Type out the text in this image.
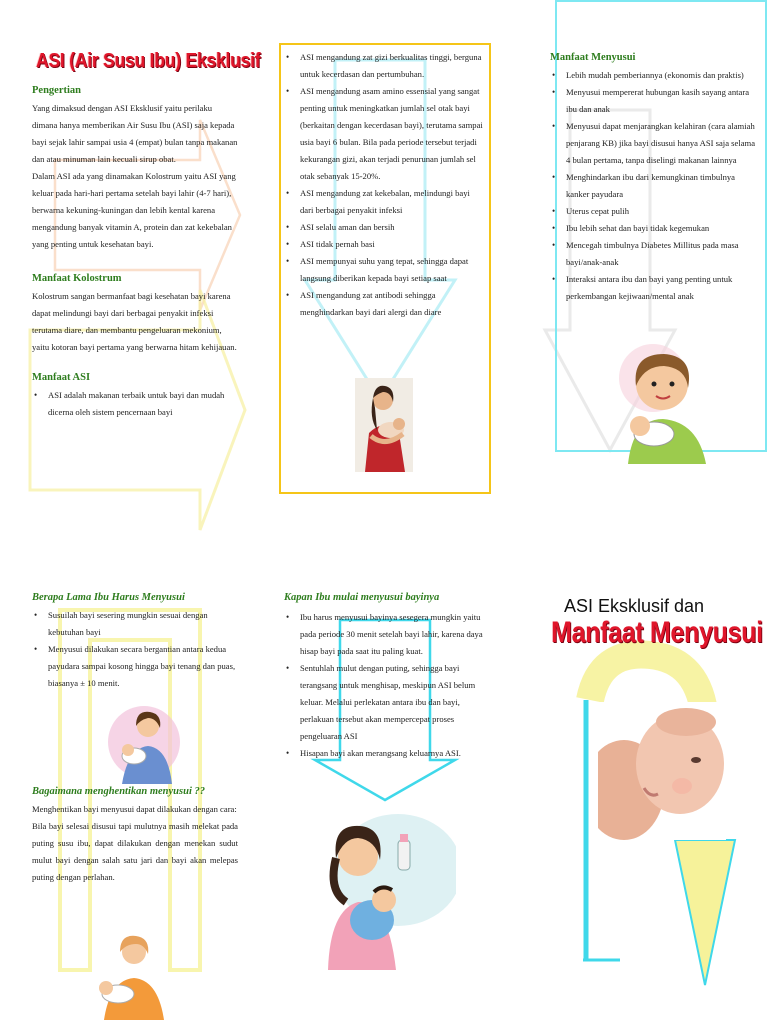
ASI (Air Susu Ibu) Eksklusif
Pengertian

Yang dimaksud dengan ASI Eksklusif yaitu perilaku dimana hanya memberikan Air Susu Ibu (ASI) saja kepada bayi sejak lahir sampai usia 4 (empat) bulan tanpa makanan dan atau minuman lain kecuali sirup obat.

Dalam ASI ada yang dinamakan Kolostrum yaitu ASI yang keluar pada hari-hari pertama setelah bayi lahir (4-7 hari), berwarna kekuning-kuningan dan lebih kental karena mengandung banyak vitamin A, protein dan zat kekebalan yang penting untuk kesehatan bayi.

Manfaat Kolostrum

Kolostrum sangan bermanfaat bagi kesehatan bayi karena dapat melindungi bayi dari berbagai penyakit infeksi terutama diare, dan membantu pengeluaran mekonium, yaitu kotoran bayi pertama yang berwarna hitam kehijauan.

Manfaat ASI
• ASI adalah makanan terbaik untuk bayi dan mudah dicerna oleh sistem pencernaan bayi
• ASI mengandung zat gizi berkualitas tinggi, berguna untuk kecerdasan dan pertumbuhan.
• ASI mengandung asam amino essensial yang sangat penting untuk meningkatkan jumlah sel otak bayi (berkaitan dengan kecerdasan bayi), terutama sampai usia bayi 6 bulan. Bila pada periode tersebut terjadi kekurangan gizi, akan terjadi penurunan jumlah sel otak sebanyak 15-20%.
• ASI mengandung zat kekebalan, melindungi bayi dari berbagai penyakit infeksi
• ASI selalu aman dan bersih
• ASI tidak pernah basi
• ASI mempunyai suhu yang tepat, sehingga dapat langsung diberikan kepada bayi setiap saat
• ASI mengandung zat antibodi sehingga menghindarkan bayi dari alergi dan diare
Manfaat Menyusui
• Lebih mudah pemberiannya (ekonomis dan praktis)
• Menyusui mempererat hubungan kasih sayang antara ibu dan anak
• Menyusui dapat menjarangkan kelahiran (cara alamiah penjarang KB) jika bayi disusui hanya ASI saja selama 4 bulan pertama, tanpa diselingi makanan lainnya
• Menghindarkan ibu dari kemungkinan timbulnya kanker payudara
• Uterus cepat pulih
• Ibu lebih sehat dan bayi tidak kegemukan
• Mencegah timbulnya Diabetes Millitus pada masa bayi/anak-anak
• Interaksi antara ibu dan bayi yang penting untuk perkembangan kejiwaan/mental anak
Berapa Lama Ibu Harus Menyusui
• Susuilah bayi sesering mungkin sesuai dengan kebutuhan bayi
• Menyusui dilakukan secara bergantian antara kedua payudara sampai kosong hingga bayi tenang dan puas, biasanya ± 10 menit.
Bagaimana menghentikan menyusui ??

Menghentikan bayi menyusui dapat dilakukan dengan cara:

Bila bayi selesai disusui tapi mulutnya masih melekat pada puting susu ibu, dapat dilakukan dengan menekan sudut mulut bayi dengan salah satu jari dan bayi akan melepas puting dengan perlahan.

Kapan Ibu mulai menyusui bayinya
• Ibu harus menyusui bayinya sesegera mungkin yaitu pada periode 30 menit setelah bayi lahir, karena daya hisap bayi pada saat itu paling kuat.
• Sentuhlah mulut dengan puting, sehingga bayi terangsang untuk menghisap, meskipun ASI belum keluar. Melalui perlekatan antara ibu dan bayi, perlakuan tersebut akan mempercepat proses pengeluaran ASI
• Hisapan bayi akan merangsang keluarnya ASI.
ASI Eksklusif dan
Manfaat Menyusui
